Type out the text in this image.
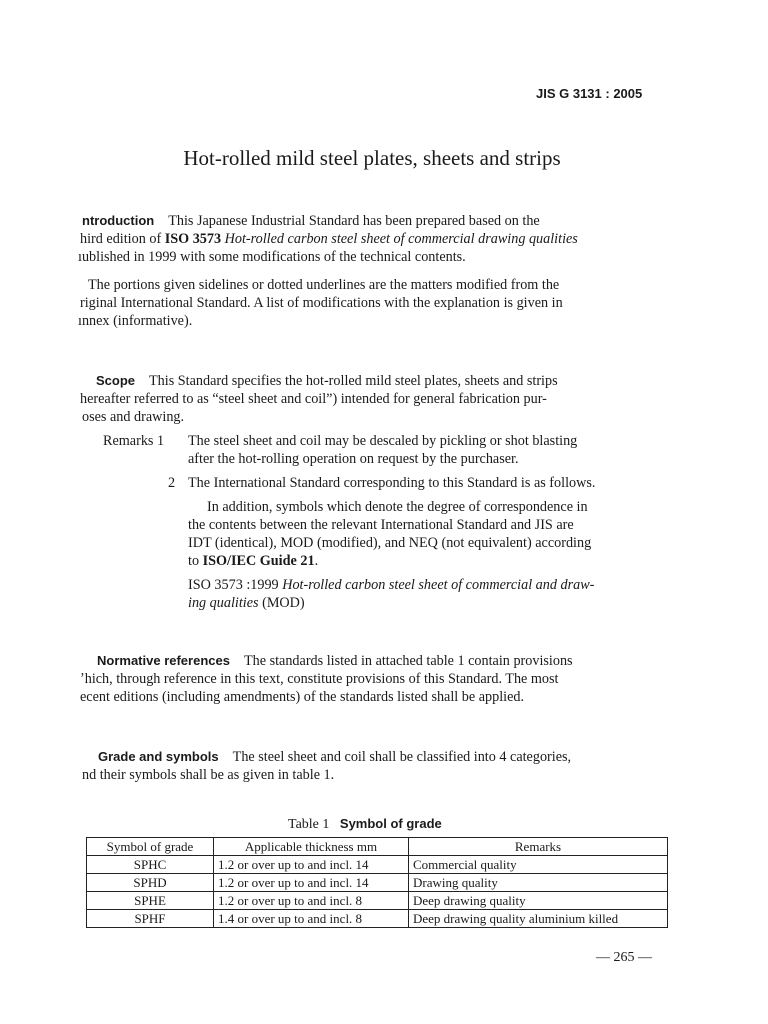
JIS G 3131 : 2005
Hot-rolled mild steel plates, sheets and strips
ntroduction This Japanese Industrial Standard has been prepared based on the
hird edition of ISO 3573 Hot-rolled carbon steel sheet of commercial drawing qualities
ıublished in 1999 with some modifications of the technical contents.
The portions given sidelines or dotted underlines are the matters modified from the
riginal International Standard. A list of modifications with the explanation is given in
ınnex (informative).
Scope This Standard specifies the hot-rolled mild steel plates, sheets and strips
hereafter referred to as “steel sheet and coil”) intended for general fabrication pur-
oses and drawing.
Remarks 1 The steel sheet and coil may be descaled by pickling or shot blasting
after the hot-rolling operation on request by the purchaser.
2 The International Standard corresponding to this Standard is as follows.
In addition, symbols which denote the degree of correspondence in
the contents between the relevant International Standard and JIS are
IDT (identical), MOD (modified), and NEQ (not equivalent) according
to ISO/IEC Guide 21.
ISO 3573 :1999 Hot-rolled carbon steel sheet of commercial and draw-
ing qualities (MOD)
Normative references The standards listed in attached table 1 contain provisions
ʼhich, through reference in this text, constitute provisions of this Standard. The most
ecent editions (including amendments) of the standards listed shall be applied.
Grade and symbols The steel sheet and coil shall be classified into 4 categories,
nd their symbols shall be as given in table 1.
Table 1 Symbol of grade
Symbol of grade	Applicable thickness mm	Remarks
SPHC	1.2 or over up to and incl. 14	Commercial quality
SPHD	1.2 or over up to and incl. 14	Drawing quality
SPHE	1.2 or over up to and incl. 8	Deep drawing quality
SPHF	1.4 or over up to and incl. 8	Deep drawing quality aluminium killed
— 265 —
